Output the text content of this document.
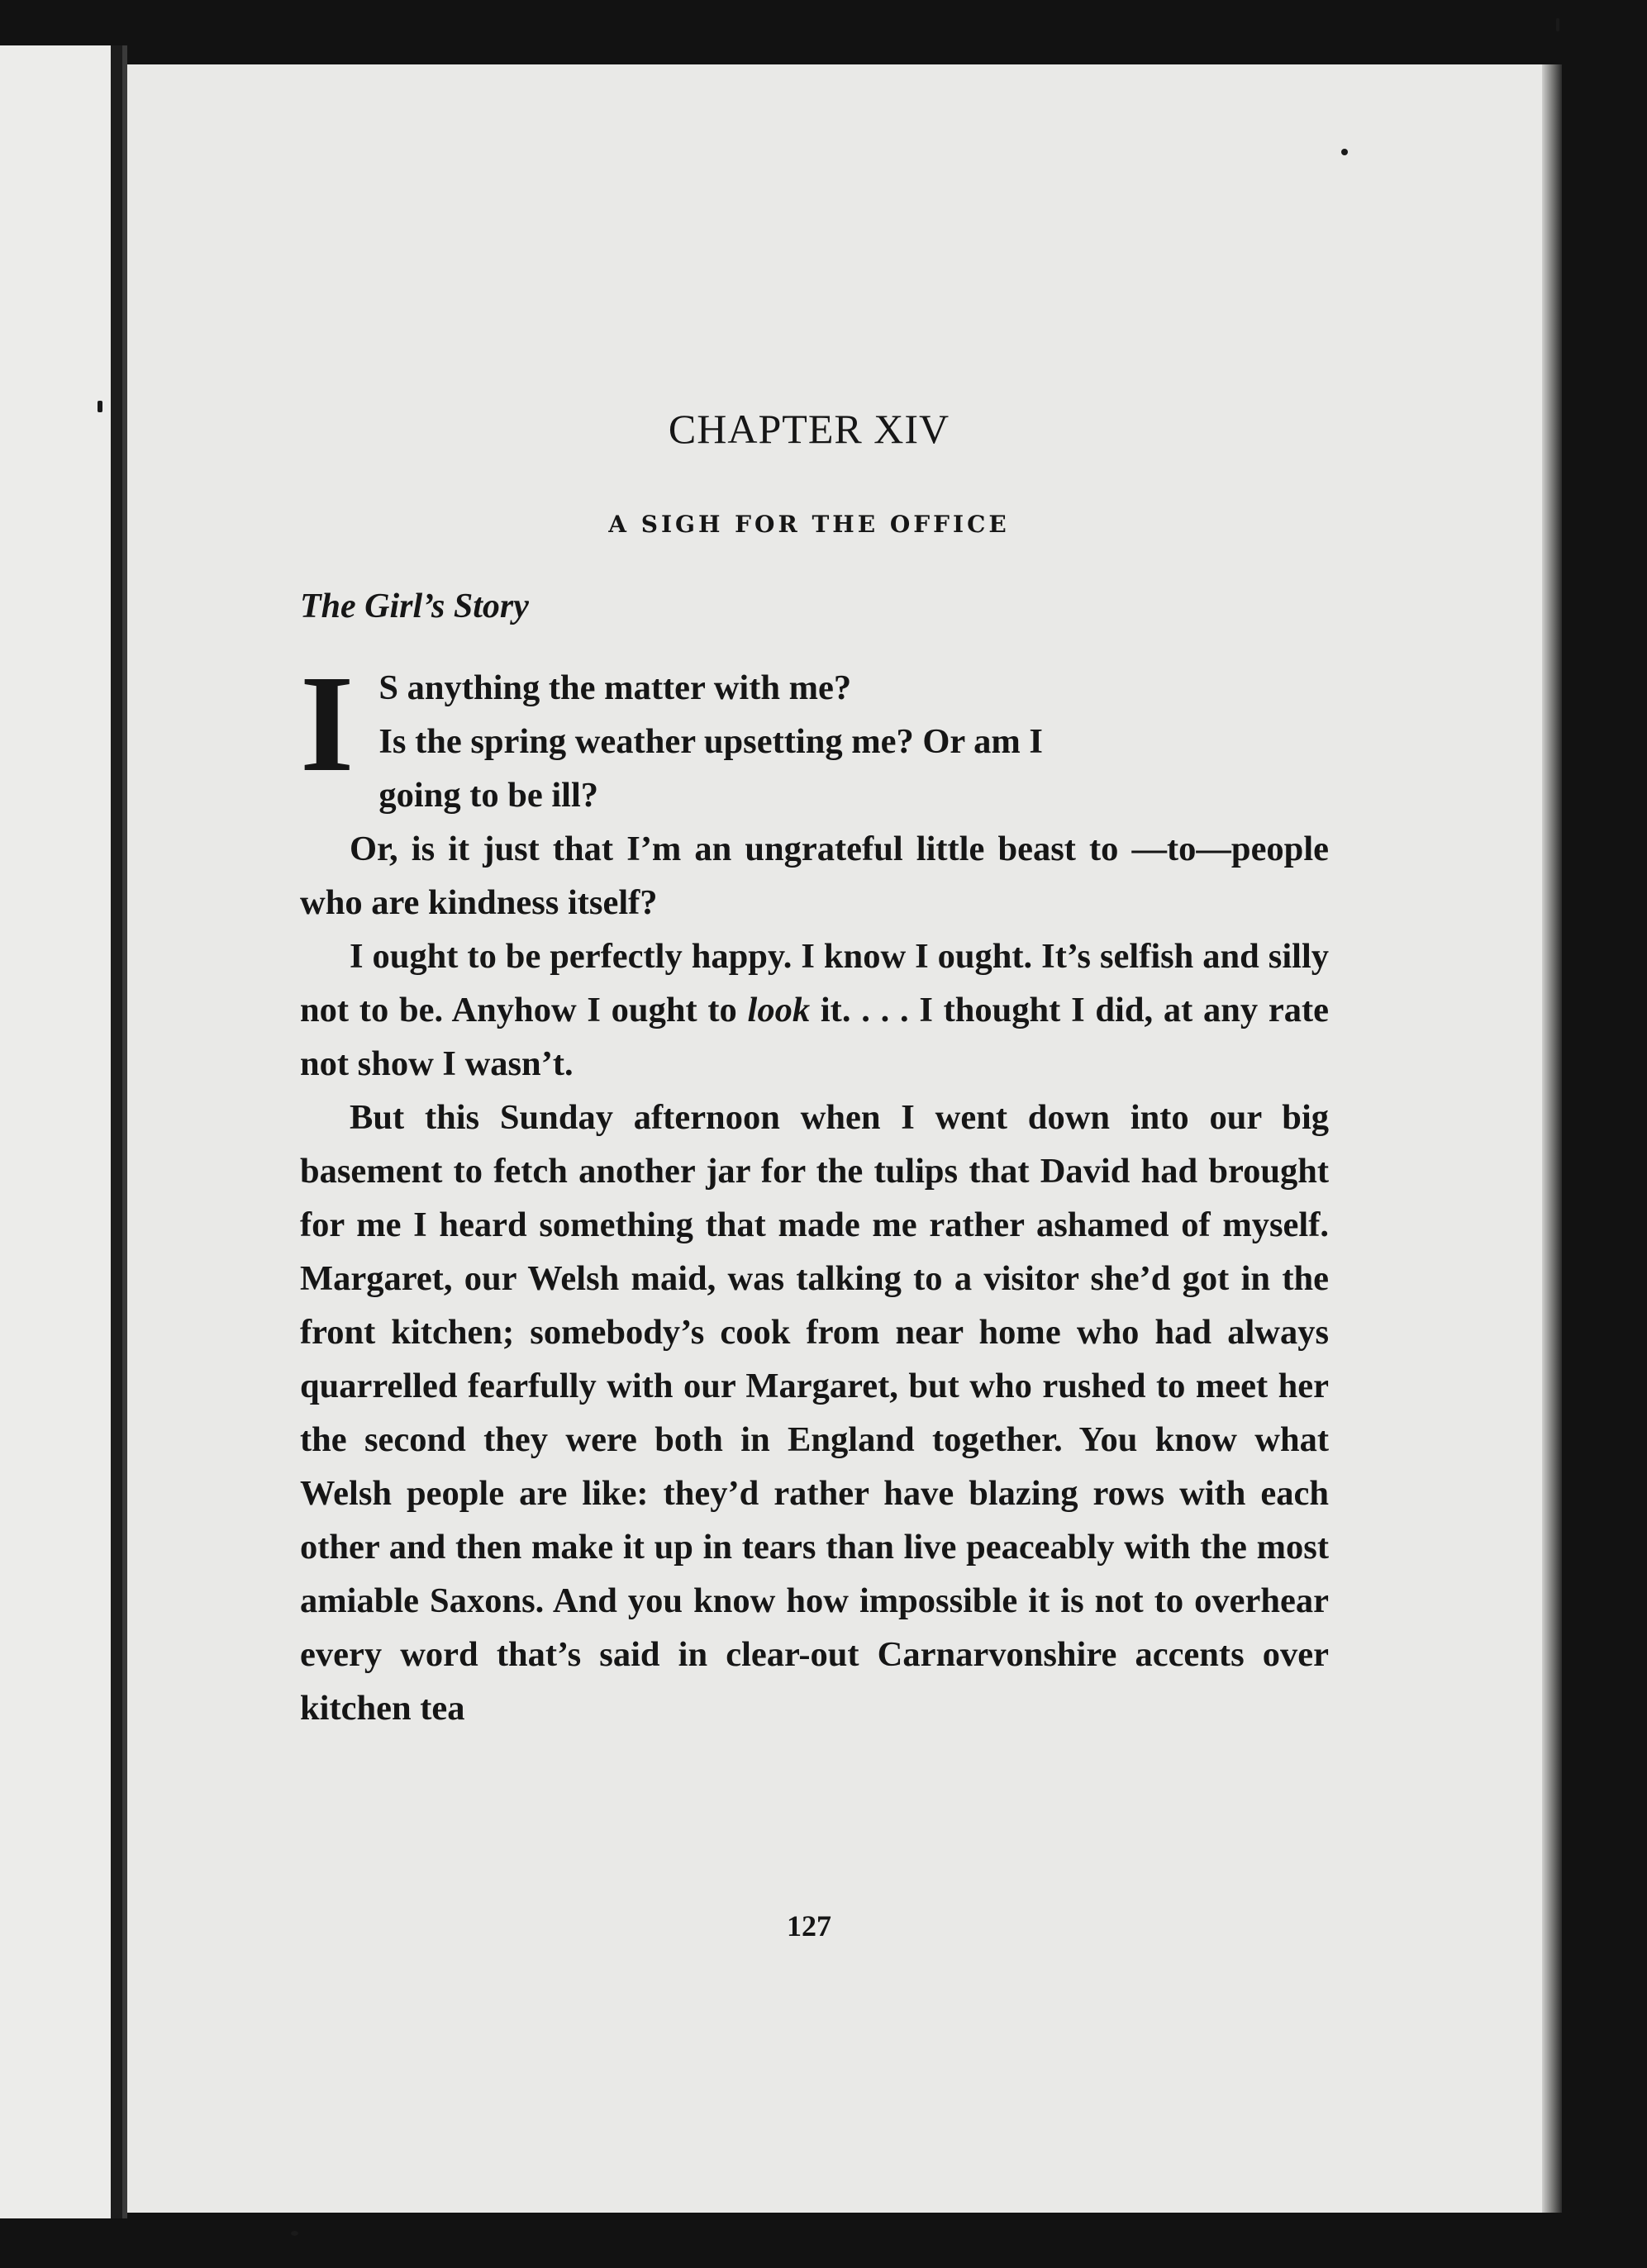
CHAPTER XIV
A SIGH FOR THE OFFICE
The Girl’s Story

I S anything the matter with me?
Is the spring weather upsetting me? Or am I
going to be ill?

Or, is it just that I’m an ungrateful little beast to —to—people who are kindness itself?

I ought to be perfectly happy. I know I ought. It’s selfish and silly not to be. Anyhow I ought to look it. . . . I thought I did, at any rate not show I wasn’t.

But this Sunday afternoon when I went down into our big basement to fetch another jar for the tulips that David had brought for me I heard something that made me rather ashamed of myself. Margaret, our Welsh maid, was talking to a visitor she’d got in the front kitchen; somebody’s cook from near home who had always quarrelled fearfully with our Margaret, but who rushed to meet her the second they were both in England together. You know what Welsh people are like: they’d rather have blazing rows with each other and then make it up in tears than live peaceably with the most amiable Saxons. And you know how impossible it is not to overhear every word that’s said in clear-out Carnarvonshire accents over kitchen tea

127
